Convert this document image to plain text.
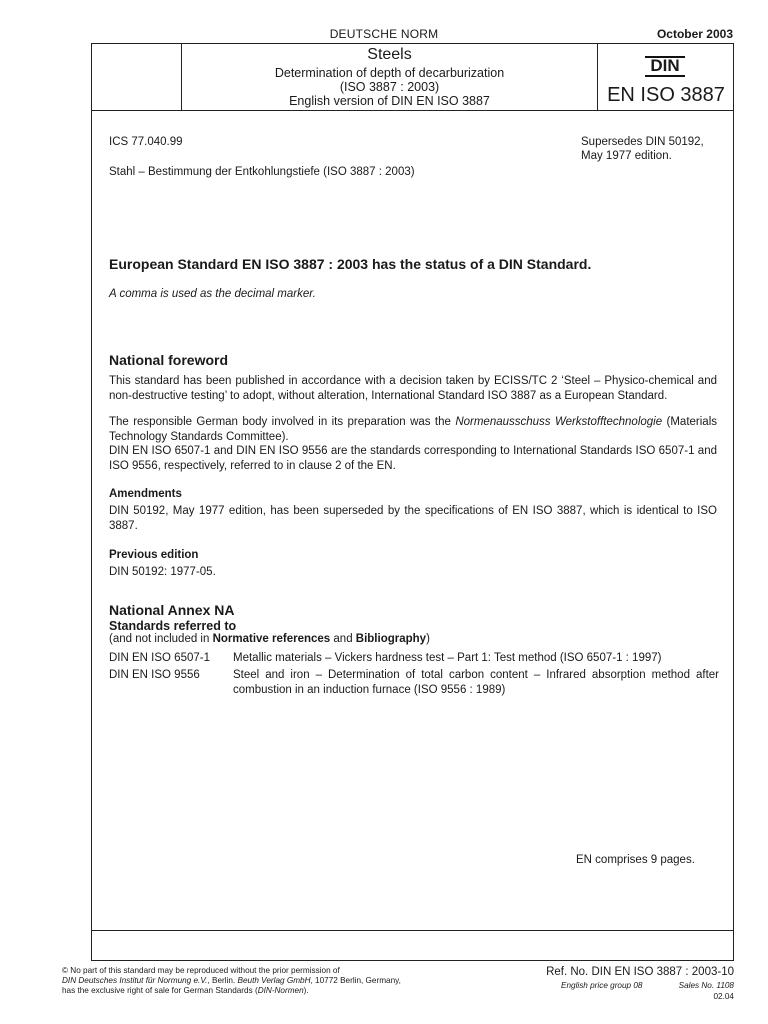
DEUTSCHE NORM	October 2003
Steels
Determination of depth of decarburization
(ISO 3887 : 2003)
English version of DIN EN ISO 3887
DIN
EN ISO 3887
ICS 77.040.99	Supersedes DIN 50192,
May 1977 edition.
Stahl – Bestimmung der Entkohlungstiefe (ISO 3887 : 2003)
European Standard EN ISO 3887 : 2003 has the status of a DIN Standard.
A comma is used as the decimal marker.
National foreword
This standard has been published in accordance with a decision taken by ECISS/TC 2 ‘Steel – Physico-chemical and non-destructive testing’ to adopt, without alteration, International Standard ISO 3887 as a European Standard.
The responsible German body involved in its preparation was the Normenausschuss Werkstofftechnologie (Materials Technology Standards Committee).
DIN EN ISO 6507-1 and DIN EN ISO 9556 are the standards corresponding to International Standards ISO 6507-1 and ISO 9556, respectively, referred to in clause 2 of the EN.
Amendments
DIN 50192, May 1977 edition, has been superseded by the specifications of EN ISO 3887, which is identical to ISO 3887.
Previous edition
DIN 50192: 1977-05.
National Annex NA
Standards referred to
(and not included in Normative references and Bibliography)
DIN EN ISO 6507-1	Metallic materials – Vickers hardness test – Part 1: Test method (ISO 6507-1 : 1997)
DIN EN ISO 9556	Steel and iron – Determination of total carbon content – Infrared absorption method after combustion in an induction furnace (ISO 9556 : 1989)
EN comprises 9 pages.
© No part of this standard may be reproduced without the prior permission of
DIN Deutsches Institut für Normung e.V., Berlin. Beuth Verlag GmbH, 10772 Berlin, Germany,
has the exclusive right of sale for German Standards (DIN-Normen).
Ref. No. DIN EN ISO 3887 : 2003-10
English price group 08	Sales No. 1108
02.04
